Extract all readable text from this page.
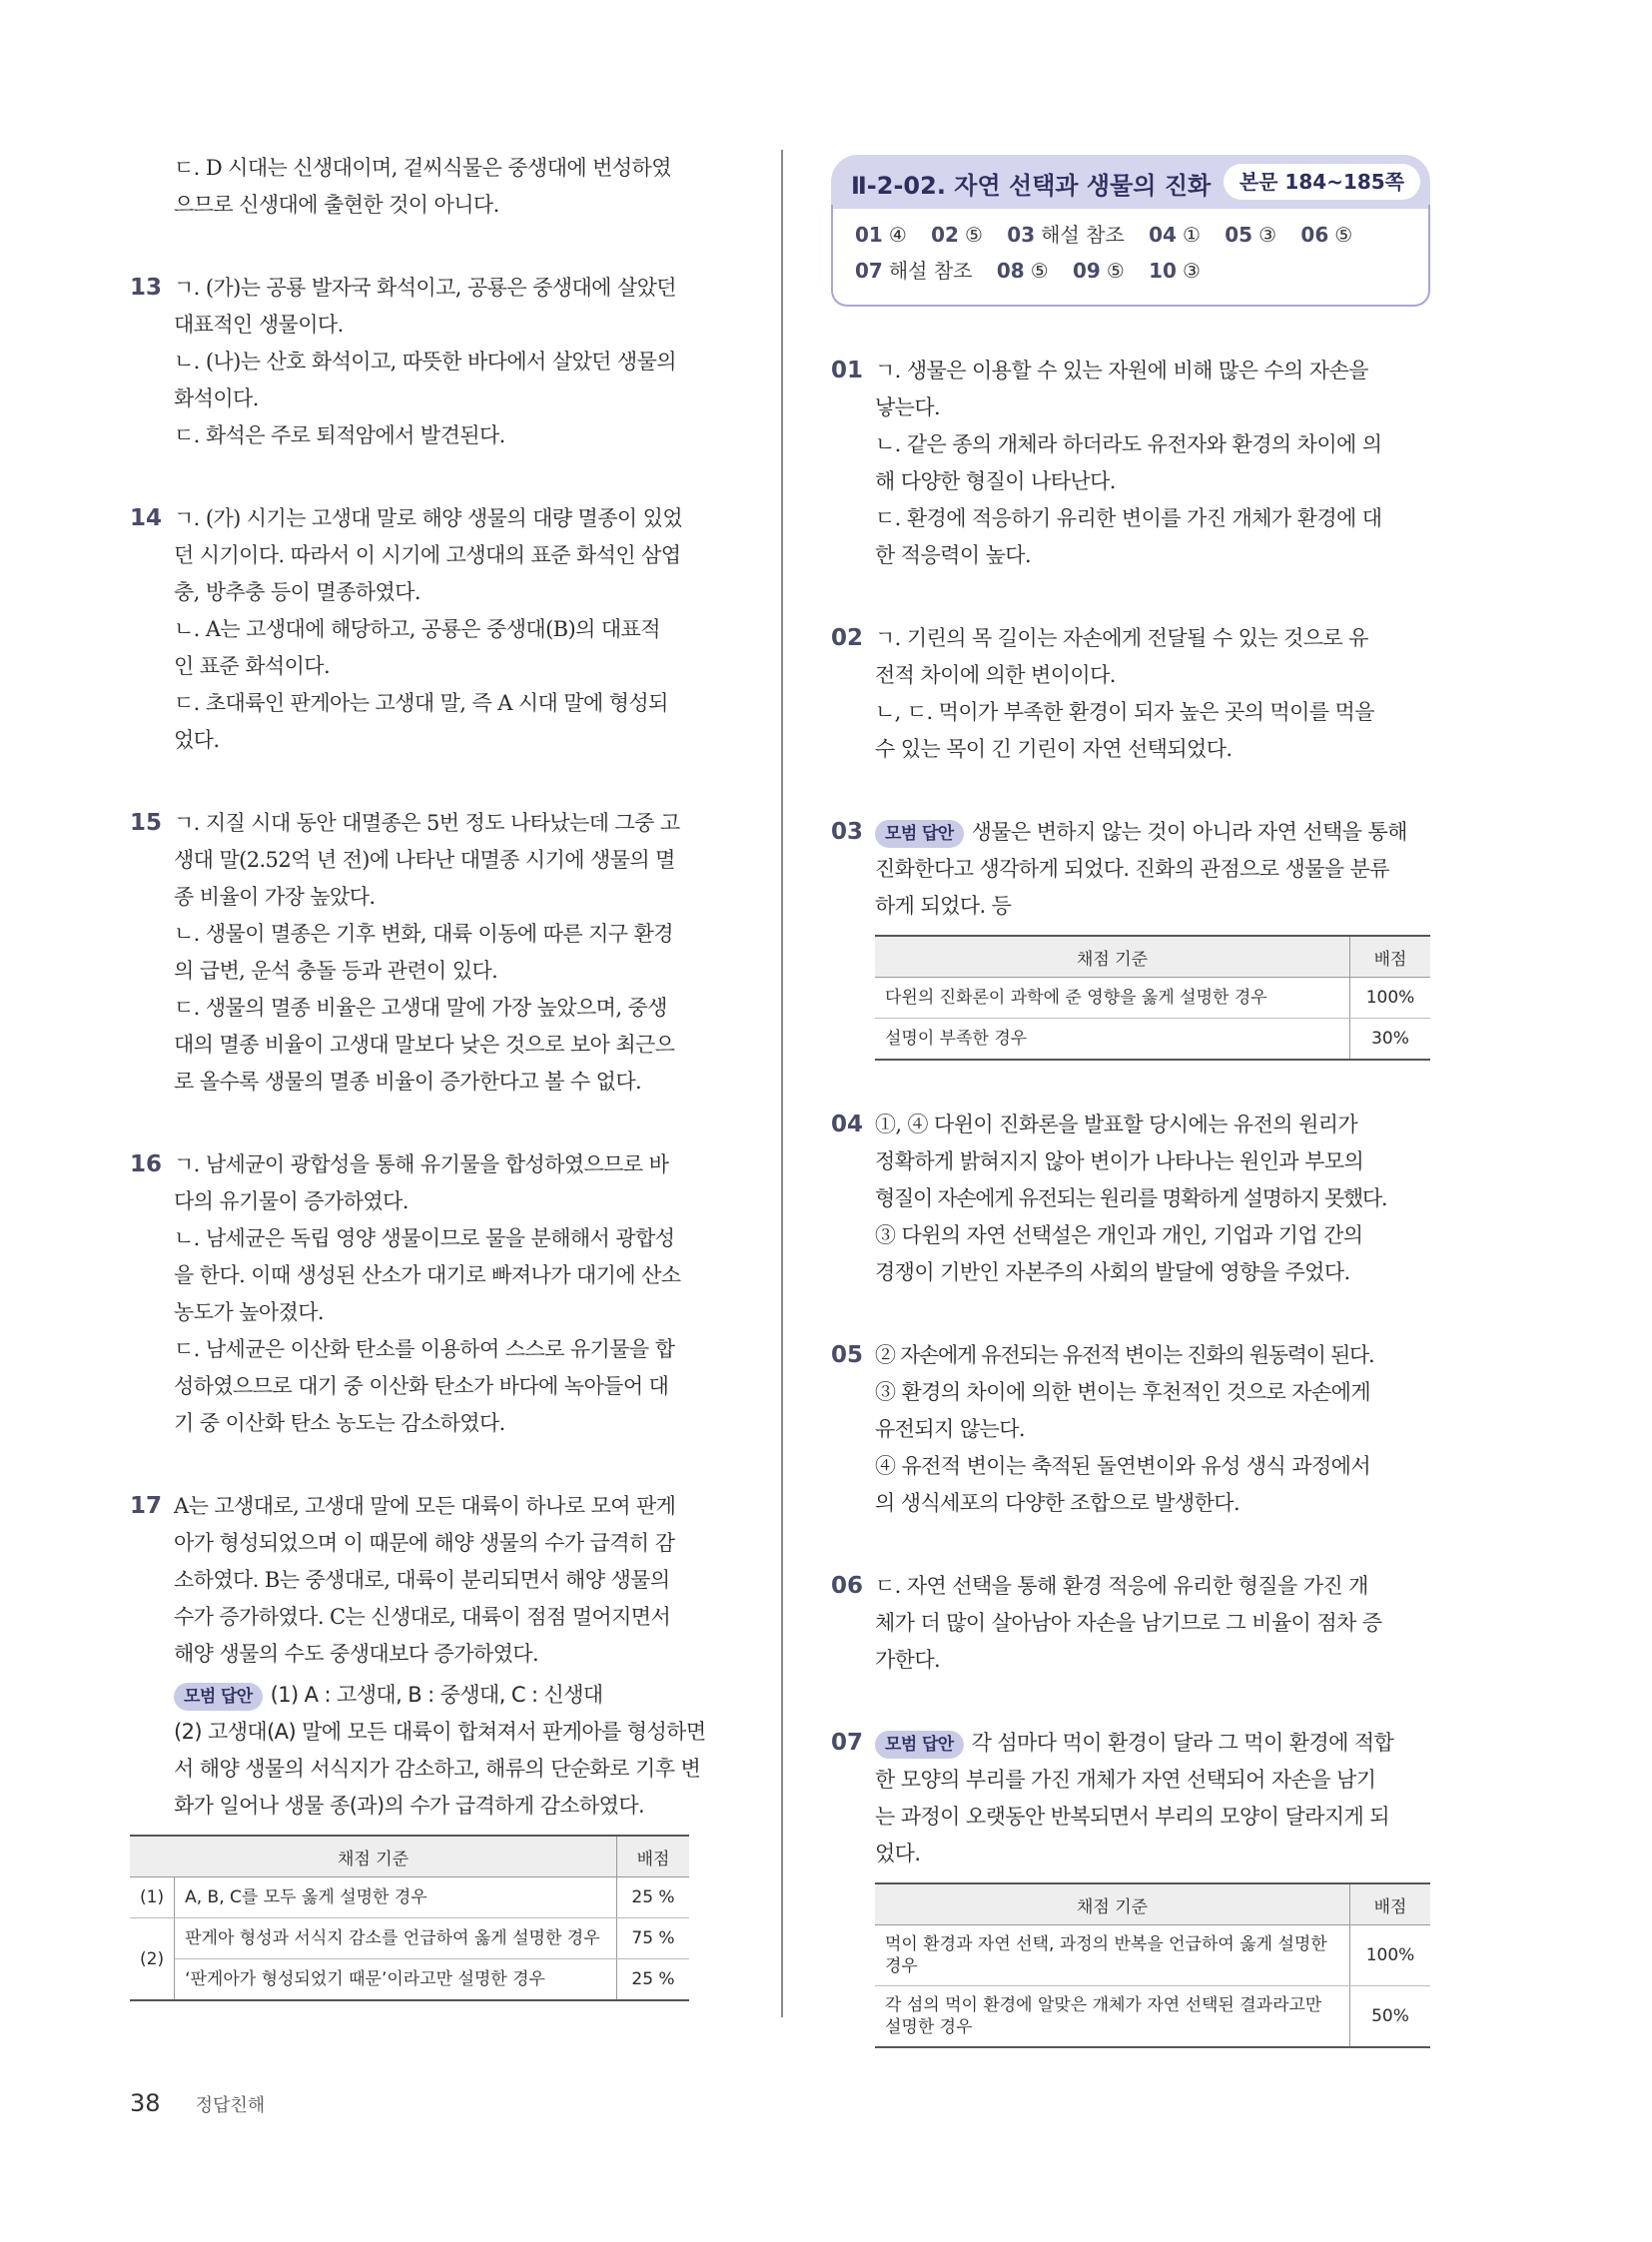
ㄷ. D 시대는 신생대이며, 겉씨식물은 중생대에 번성하였
으므로 신생대에 출현한 것이 아니다.
13 ㄱ. (가)는 공룡 발자국 화석이고, 공룡은 중생대에 살았던
대표적인 생물이다.
ㄴ. (나)는 산호 화석이고, 따뜻한 바다에서 살았던 생물의
화석이다.
ㄷ. 화석은 주로 퇴적암에서 발견된다.
14 ㄱ. (가) 시기는 고생대 말로 해양 생물의 대량 멸종이 있었
던 시기이다. 따라서 이 시기에 고생대의 표준 화석인 삼엽
충, 방추충 등이 멸종하였다.
ㄴ. A는 고생대에 해당하고, 공룡은 중생대(B)의 대표적
인 표준 화석이다.
ㄷ. 초대륙인 판게아는 고생대 말, 즉 A 시대 말에 형성되
었다.
15 ㄱ. 지질 시대 동안 대멸종은 5번 정도 나타났는데 그중 고
생대 말(2.52억 년 전)에 나타난 대멸종 시기에 생물의 멸
종 비율이 가장 높았다.
ㄴ. 생물이 멸종은 기후 변화, 대륙 이동에 따른 지구 환경
의 급변, 운석 충돌 등과 관련이 있다.
ㄷ. 생물의 멸종 비율은 고생대 말에 가장 높았으며, 중생
대의 멸종 비율이 고생대 말보다 낮은 것으로 보아 최근으
로 올수록 생물의 멸종 비율이 증가한다고 볼 수 없다.
16 ㄱ. 남세균이 광합성을 통해 유기물을 합성하였으므로 바
다의 유기물이 증가하였다.
ㄴ. 남세균은 독립 영양 생물이므로 물을 분해해서 광합성
을 한다. 이때 생성된 산소가 대기로 빠져나가 대기에 산소
농도가 높아졌다.
ㄷ. 남세균은 이산화 탄소를 이용하여 스스로 유기물을 합
성하였으므로 대기 중 이산화 탄소가 바다에 녹아들어 대
기 중 이산화 탄소 농도는 감소하였다.
17 A는 고생대로, 고생대 말에 모든 대륙이 하나로 모여 판게
아가 형성되었으며 이 때문에 해양 생물의 수가 급격히 감
소하였다. B는 중생대로, 대륙이 분리되면서 해양 생물의
수가 증가하였다. C는 신생대로, 대륙이 점점 멀어지면서
해양 생물의 수도 중생대보다 증가하였다.
모범 답안 (1) A : 고생대, B : 중생대, C : 신생대
(2) 고생대(A) 말에 모든 대륙이 합쳐져서 판게아를 형성하면
서 해양 생물의 서식지가 감소하고, 해류의 단순화로 기후 변
화가 일어나 생물 종(과)의 수가 급격하게 감소하였다.
채점 기준		배점
(1)	A, B, C를 모두 옳게 설명한 경우	25 %
(2)	판게아 형성과 서식지 감소를 언급하여 옳게 설명한 경우	75 %
	‘판게아가 형성되었기 때문’이라고만 설명한 경우	25 %
Ⅱ-2-02. 자연 선택과 생물의 진화	본문 184~185쪽
01 ④ 02 ⑤ 03 해설 참조 04 ① 05 ③ 06 ⑤
07 해설 참조 08 ⑤ 09 ⑤ 10 ③
01 ㄱ. 생물은 이용할 수 있는 자원에 비해 많은 수의 자손을
낳는다.
ㄴ. 같은 종의 개체라 하더라도 유전자와 환경의 차이에 의
해 다양한 형질이 나타난다.
ㄷ. 환경에 적응하기 유리한 변이를 가진 개체가 환경에 대
한 적응력이 높다.
02 ㄱ. 기린의 목 길이는 자손에게 전달될 수 있는 것으로 유
전적 차이에 의한 변이이다.
ㄴ, ㄷ. 먹이가 부족한 환경이 되자 높은 곳의 먹이를 먹을
수 있는 목이 긴 기린이 자연 선택되었다.
03	모범 답안 생물은 변하지 않는 것이 아니라 자연 선택을 통해
진화한다고 생각하게 되었다. 진화의 관점으로 생물을 분류
하게 되었다. 등
채점 기준	배점
다윈의 진화론이 과학에 준 영향을 옳게 설명한 경우	100%
설명이 부족한 경우	30%
04 ①, ④ 다윈이 진화론을 발표할 당시에는 유전의 원리가
정확하게 밝혀지지 않아 변이가 나타나는 원인과 부모의
형질이 자손에게 유전되는 원리를 명확하게 설명하지 못했다.
③ 다윈의 자연 선택설은 개인과 개인, 기업과 기업 간의
경쟁이 기반인 자본주의 사회의 발달에 영향을 주었다.
05 ② 자손에게 유전되는 유전적 변이는 진화의 원동력이 된다.
③ 환경의 차이에 의한 변이는 후천적인 것으로 자손에게
유전되지 않는다.
④ 유전적 변이는 축적된 돌연변이와 유성 생식 과정에서
의 생식세포의 다양한 조합으로 발생한다.
06 ㄷ. 자연 선택을 통해 환경 적응에 유리한 형질을 가진 개
체가 더 많이 살아남아 자손을 남기므로 그 비율이 점차 증
가한다.
07	모범 답안 각 섬마다 먹이 환경이 달라 그 먹이 환경에 적합
한 모양의 부리를 가진 개체가 자연 선택되어 자손을 남기
는 과정이 오랫동안 반복되면서 부리의 모양이 달라지게 되
었다.
채점 기준	배점
먹이 환경과 자연 선택, 과정의 반복을 언급하여 옳게 설명한 경우	100%
각 섬의 먹이 환경에 알맞은 개체가 자연 선택된 결과라고만 설명한 경우	50%
38 정답친해
